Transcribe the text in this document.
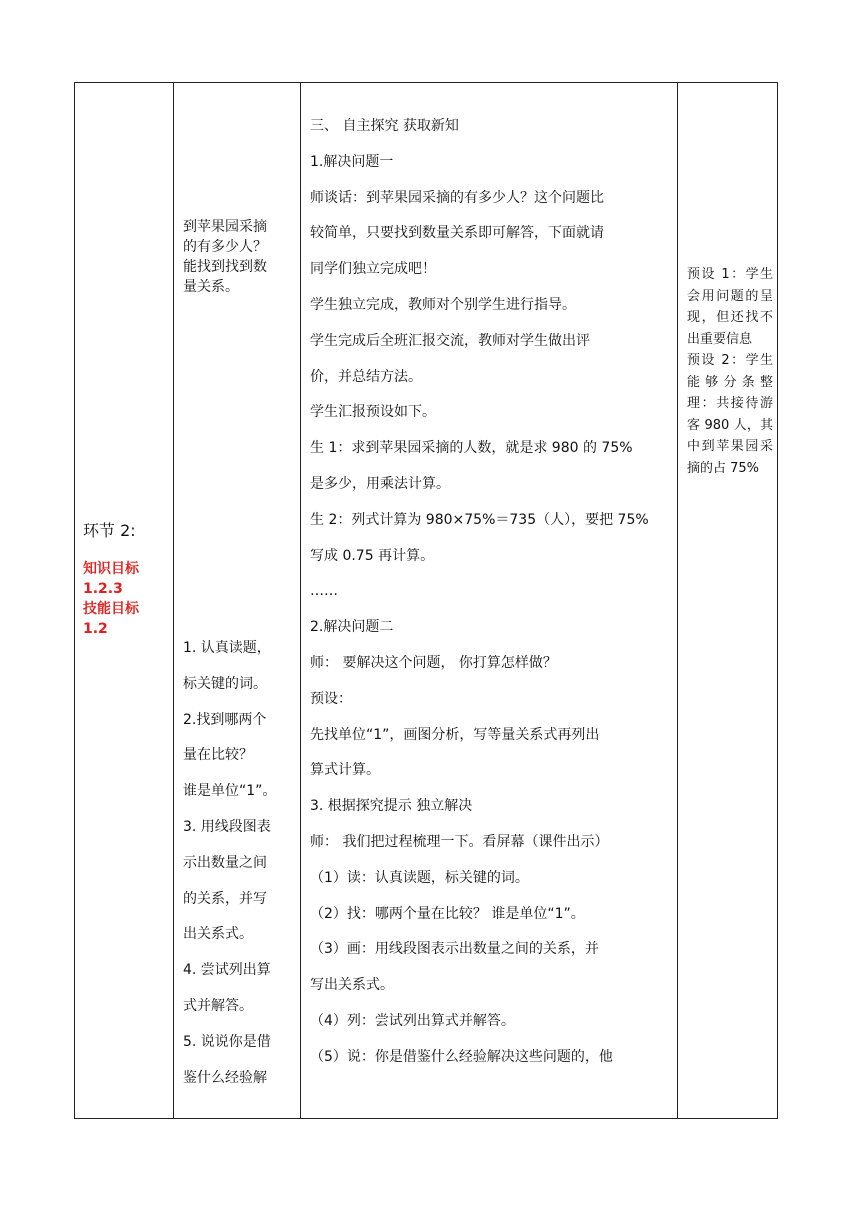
环节 2:
知识目标
1.2.3
技能目标
1.2
到苹果园采摘
的有多少人？
能找到找到数
量关系。
1. 认真读题，
标关键的词。
2.找到哪两个
量在比较？
谁是单位“1”。
3. 用线段图表
示出数量之间
的关系，并写
出关系式。
4. 尝试列出算
式并解答。
5. 说说你是借
鉴什么经验解
三、 自主探究 获取新知
1.解决问题一
师谈话：到苹果园采摘的有多少人？这个问题比
较简单，只要找到数量关系即可解答，下面就请
同学们独立完成吧！
学生独立完成，教师对个别学生进行指导。
学生完成后全班汇报交流，教师对学生做出评
价，并总结方法。
学生汇报预设如下。
生 1：求到苹果园采摘的人数，就是求 980 的 75%
是多少，用乘法计算。
生 2：列式计算为 980×75%＝735（人），要把 75%
写成 0.75 再计算。
……
2.解决问题二
师： 要解决这个问题， 你打算怎样做？
预设：
先找单位“1”，画图分析，写等量关系式再列出
算式计算。
3. 根据探究提示 独立解决
师： 我们把过程梳理一下。看屏幕（课件出示）
（1）读：认真读题，标关键的词。
（2）找：哪两个量在比较？ 谁是单位“1”。
（3）画：用线段图表示出数量之间的关系，并
写出关系式。
（4）列：尝试列出算式并解答。
（5）说：你是借鉴什么经验解决这些问题的，他
预设 1：学生会用问题的呈现，但还找不出重要信息
预设 2：学生能够分条整理：共接待游客 980 人，其中到苹果园采摘的占 75%
